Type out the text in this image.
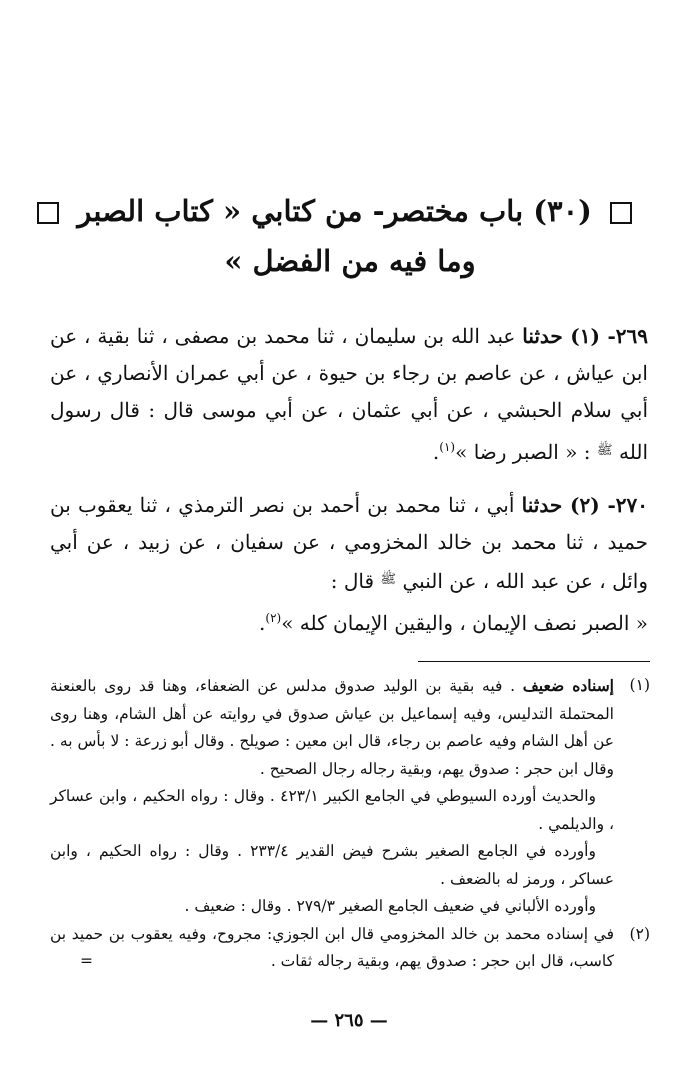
(٣٠) باب مختصر- من كتابي « كتاب الصبر
وما فيه من الفضل »

٢٦٩- (١) حدثنا عبد الله بن سليمان ، ثنا محمد بن مصفى ، ثنا بقية ، عن ابن عياش ، عن عاصم بن رجاء بن حيوة ، عن أبي عمران الأنصاري ، عن أبي سلام الحبشي ، عن أبي عثمان ، عن أبي موسى قال : قال رسول الله $^ﷺ$ : « الصبر رضا »$^{(١)}$.

٢٧٠- (٢) حدثنا أبي ، ثنا محمد بن أحمد بن نصر الترمذي ، ثنا يعقوب بن حميد ، ثنا محمد بن خالد المخزومي ، عن سفيان ، عن زبيد ، عن أبي وائل ، عن عبد الله ، عن النبي $^ﷺ$ قال :

« الصبر نصف الإيمان ، واليقين الإيمان كله »$^{(٢)}$.

(١)

إسناده ضعيف . فيه بقية بن الوليد صدوق مدلس عن الضعفاء، وهنا قد روى بالعنعنة المحتملة التدليس، وفيه إسماعيل بن عياش صدوق في روايته عن أهل الشام، وهنا روى عن أهل الشام وفيه عاصم بن رجاء، قال ابن معين : صويلح . وقال أبو زرعة : لا بأس به . وقال ابن حجر : صدوق يهم، وبقية رجاله رجال الصحيح .

والحديث أورده السيوطي في الجامع الكبير ٤٢٣/١ . وقال : رواه الحكيم ، وابن عساكر ، والديلمي .

وأورده في الجامع الصغير بشرح فيض القدير ٢٣٣/٤ . وقال : رواه الحكيم ، وابن عساكر ، ورمز له بالضعف .

وأورده الألباني في ضعيف الجامع الصغير ٢٧٩/٣ . وقال : ضعيف .

(٢)

في إسناده محمد بن خالد المخزومي قال ابن الجوزي: مجروح، وفيه يعقوب بن حميد بن كاسب، قال ابن حجر : صدوق يهم، وبقية رجاله ثقات .
=

— ٢٦٥ —
